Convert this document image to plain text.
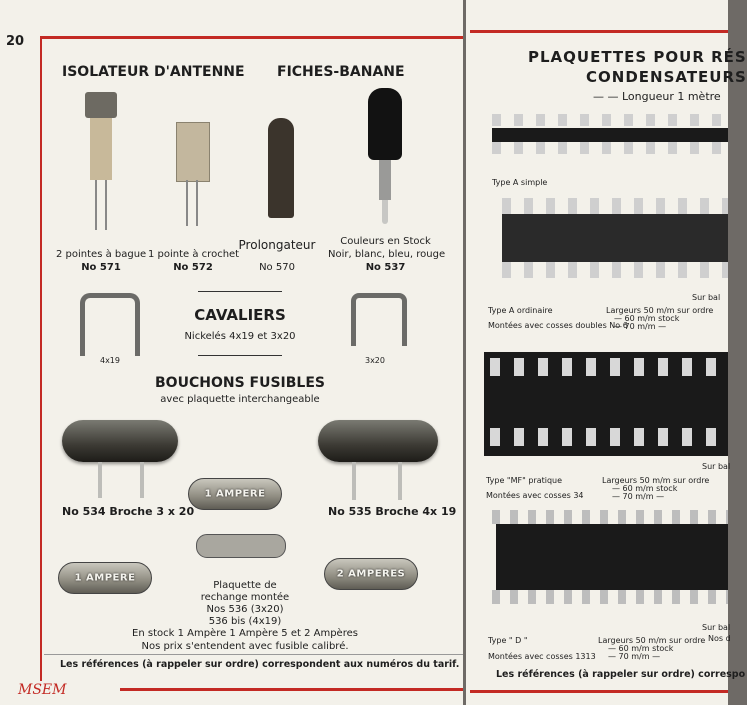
20
ISOLATEUR D'ANTENNE FICHES-BANANE
2 pointes à bague
No 571
1 pointe à crochet
No 572
Prolongateur
No 570
Couleurs en Stock
Noir, blanc, bleu, rouge
No 537
CAVALIERS
Nickelés 4x19 et 3x20
4x19	3x20
BOUCHONS FUSIBLES
avec plaquette interchangeable
1 AMPERE
1 AMPERE	2 AMPERES
No 534 Broche 3 x 20	No 535 Broche 4x 19
Plaquette de
rechange montée
Nos 536 (3x20)
536 bis (4x19)
En stock 1 Ampère 1 Ampère 5 et 2 Ampères
Nos prix s'entendent avec fusible calibré.
Les références (à rappeler sur ordre) correspondent aux numéros du tarif.
MSEM
PLAQUETTES POUR RÉS
CONDENSATEURS
— — Longueur 1 mètre
Type A simple
Sur bal
Type A ordinaire
Montées avec cosses doubles No 6
Largeurs 50 m/m sur ordre
— 60 m/m stock
— 70 m/m —
Sur bal
Type "MF" pratique
Montées avec cosses 34
Largeurs 50 m/m sur ordre
— 60 m/m stock
— 70 m/m —
Sur bal
Nos d
Type " D "
Montées avec cosses 1313
Largeurs 50 m/m sur ordre
— 60 m/m stock
— 70 m/m —
Les références (à rappeler sur ordre) correspo
